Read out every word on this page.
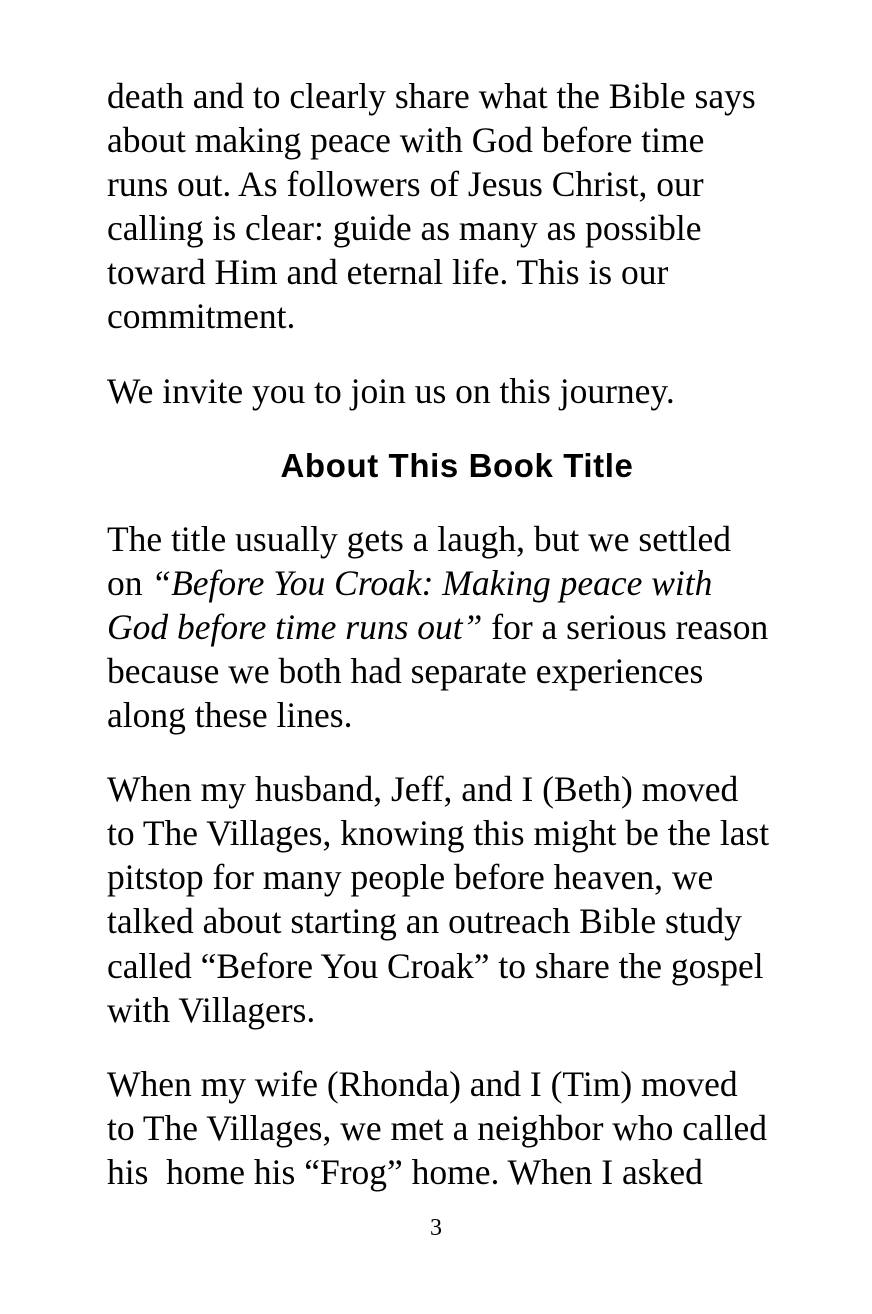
death and to clearly share what the Bible says
about making peace with God before time
runs out. As followers of Jesus Christ, our
calling is clear: guide as many as possible
toward Him and eternal life. This is our
commitment.

We invite you to join us on this journey.

About This Book Title

The title usually gets a laugh, but we settled
on “Before You Croak: Making peace with
God before time runs out” for a serious reason
because we both had separate experiences
along these lines.

When my husband, Jeff, and I (Beth) moved
to The Villages, knowing this might be the last
pitstop for many people before heaven, we
talked about starting an outreach Bible study
called “Before You Croak” to share the gospel
with Villagers.

When my wife (Rhonda) and I (Tim) moved
to The Villages, we met a neighbor who called
his  home his “Frog” home. When I asked

3
